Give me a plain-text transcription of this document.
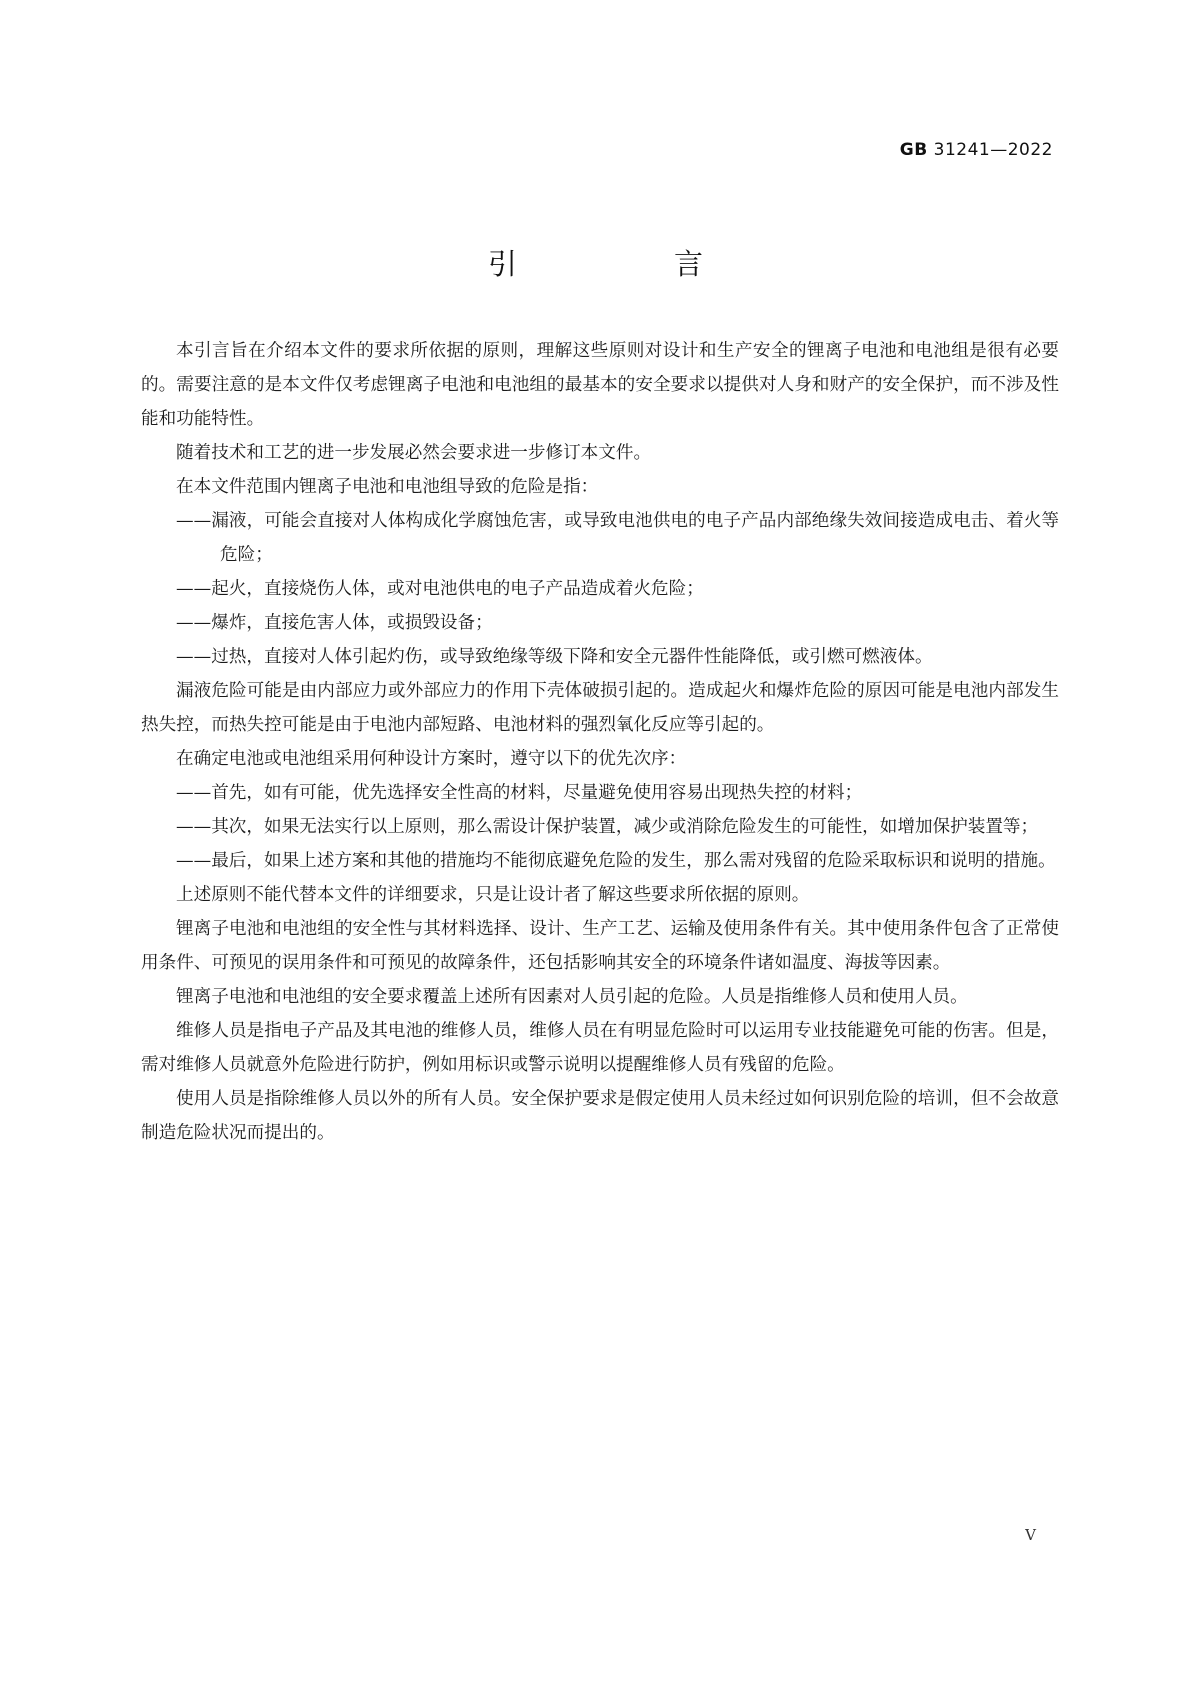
GB 31241—2022
引　言

本引言旨在介绍本文件的要求所依据的原则，理解这些原则对设计和生产安全的锂离子电池和电池组是很有必要的。需要注意的是本文件仅考虑锂离子电池和电池组的最基本的安全要求以提供对人身和财产的安全保护，而不涉及性能和功能特性。

随着技术和工艺的进一步发展必然会要求进一步修订本文件。

在本文件范围内锂离子电池和电池组导致的危险是指：

——漏液，可能会直接对人体构成化学腐蚀危害，或导致电池供电的电子产品内部绝缘失效间接造成电击、着火等危险；

——起火，直接烧伤人体，或对电池供电的电子产品造成着火危险；

——爆炸，直接危害人体，或损毁设备；

——过热，直接对人体引起灼伤，或导致绝缘等级下降和安全元器件性能降低，或引燃可燃液体。

漏液危险可能是由内部应力或外部应力的作用下壳体破损引起的。造成起火和爆炸危险的原因可能是电池内部发生热失控，而热失控可能是由于电池内部短路、电池材料的强烈氧化反应等引起的。

在确定电池或电池组采用何种设计方案时，遵守以下的优先次序：

——首先，如有可能，优先选择安全性高的材料，尽量避免使用容易出现热失控的材料；

——其次，如果无法实行以上原则，那么需设计保护装置，减少或消除危险发生的可能性，如增加保护装置等；

——最后，如果上述方案和其他的措施均不能彻底避免危险的发生，那么需对残留的危险采取标识和说明的措施。

上述原则不能代替本文件的详细要求，只是让设计者了解这些要求所依据的原则。

锂离子电池和电池组的安全性与其材料选择、设计、生产工艺、运输及使用条件有关。其中使用条件包含了正常使用条件、可预见的误用条件和可预见的故障条件，还包括影响其安全的环境条件诸如温度、海拔等因素。

锂离子电池和电池组的安全要求覆盖上述所有因素对人员引起的危险。人员是指维修人员和使用人员。

维修人员是指电子产品及其电池的维修人员，维修人员在有明显危险时可以运用专业技能避免可能的伤害。但是，需对维修人员就意外危险进行防护，例如用标识或警示说明以提醒维修人员有残留的危险。

使用人员是指除维修人员以外的所有人员。安全保护要求是假定使用人员未经过如何识别危险的培训，但不会故意制造危险状况而提出的。

Ⅴ
